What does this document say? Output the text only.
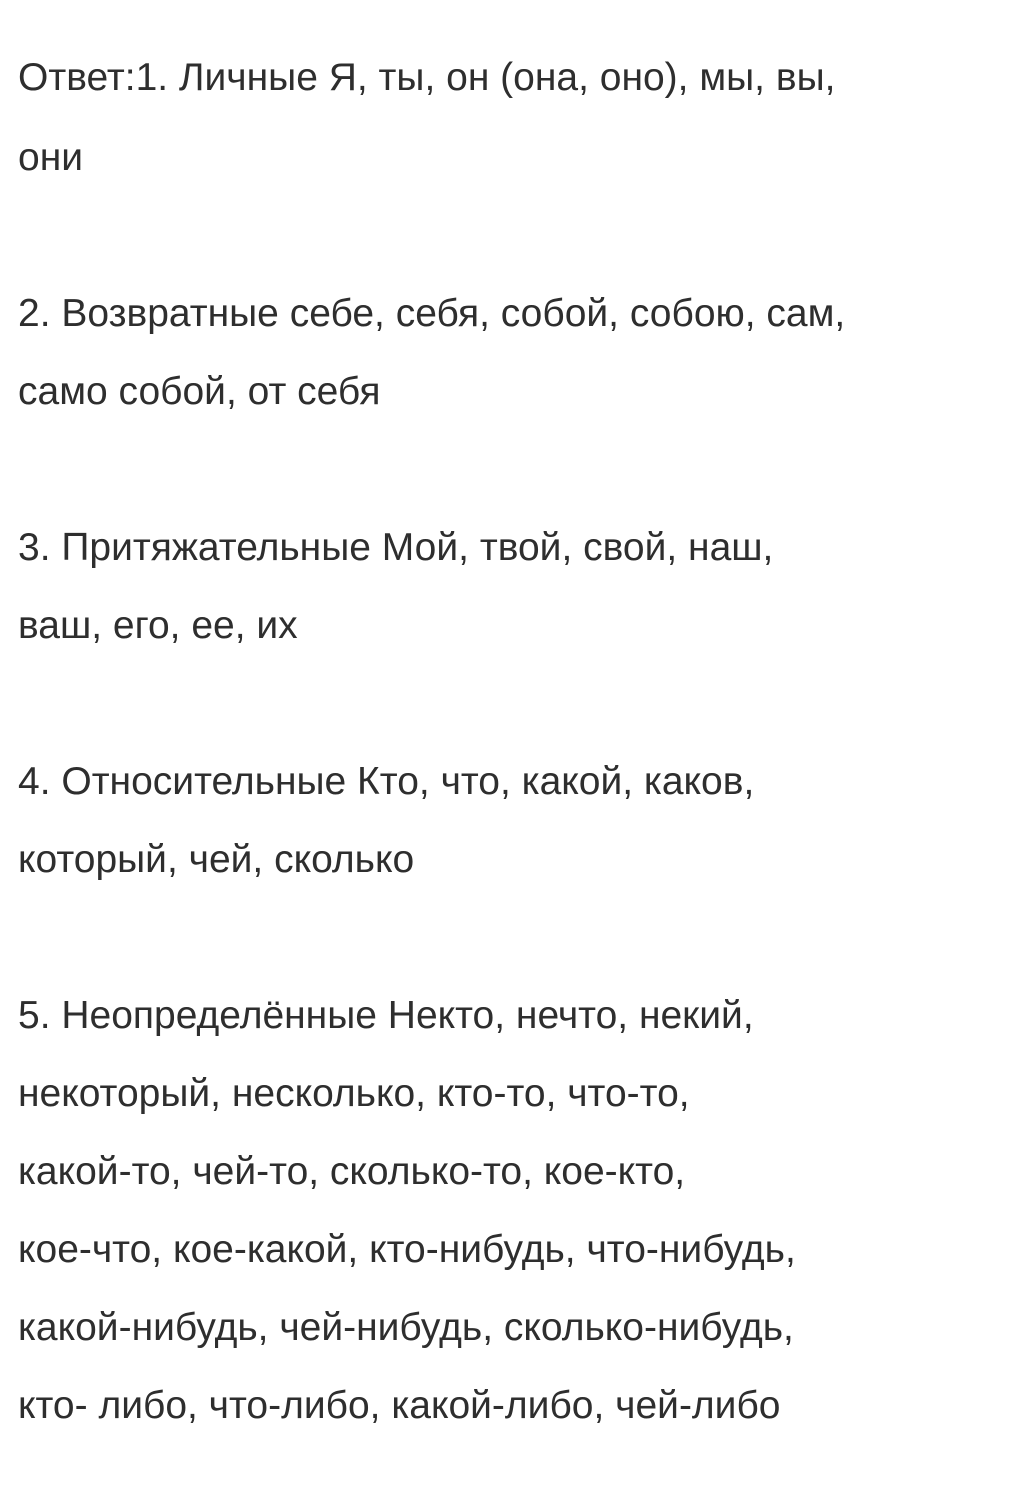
Ответ:1. Личные Я, ты, он (она, оно), мы, вы,
они
2. Возвратные себе, себя, собой, собою, сам,
само собой, от себя
3. Притяжательные Мой, твой, свой, наш,
ваш, его, ее, их
4. Относительные Кто, что, какой, каков,
который, чей, сколько
5. Неопределённые Некто, нечто, некий,
некоторый, несколько, кто-то, что-то,
какой-то, чей-то, сколько-то, кое-кто,
кое-что, кое-какой, кто-нибудь, что-нибудь,
какой-нибудь, чей-нибудь, сколько-нибудь,
кто- либо, что-либо, какой-либо, чей-либо
